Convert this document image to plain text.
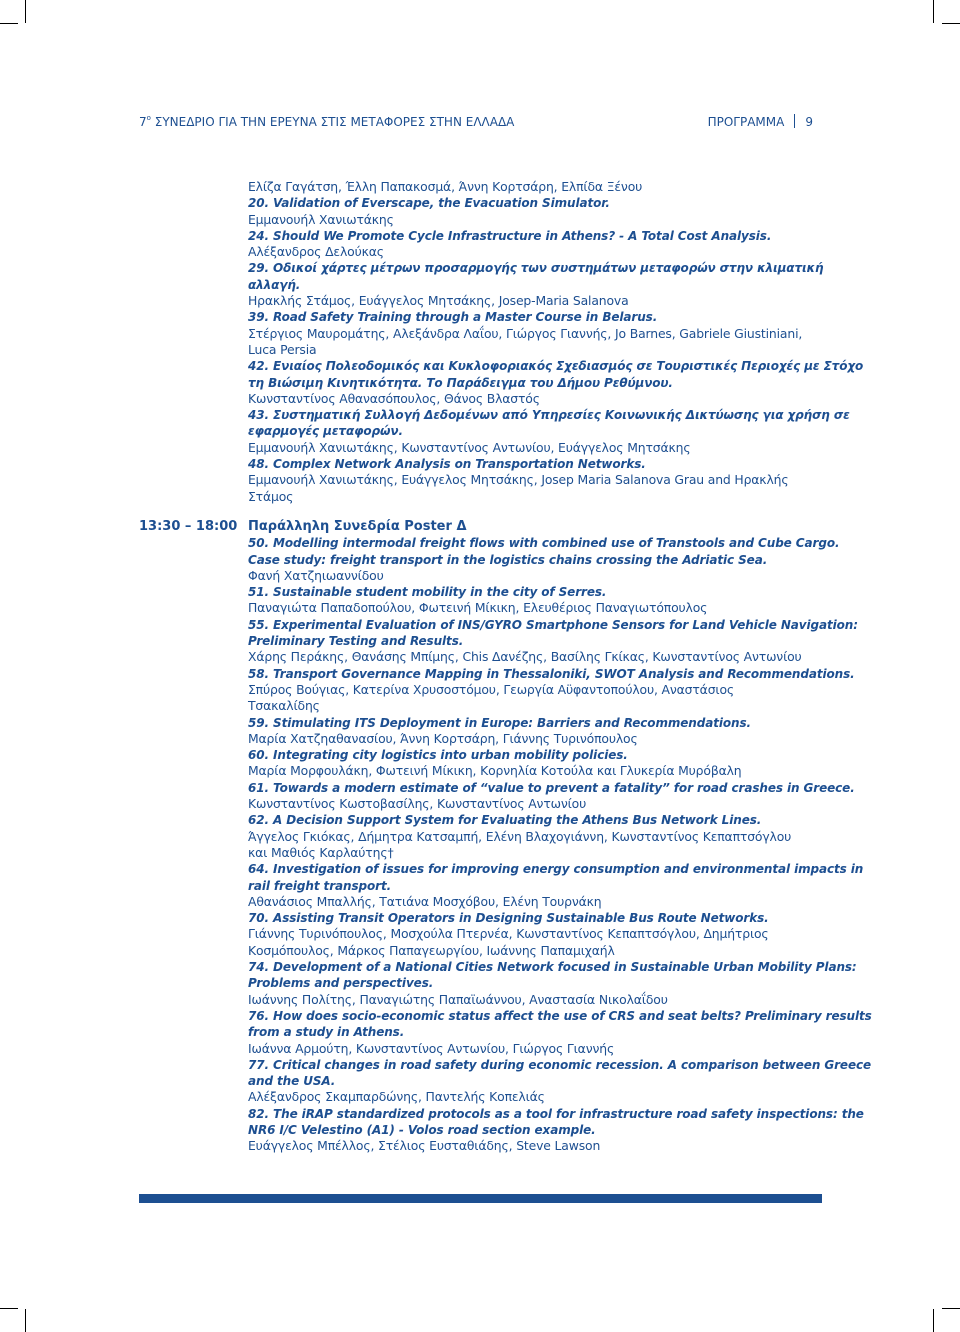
$7^o$ ΣΥΝΕΔΡΙΟ ΓΙΑ ΤΗΝ ΕΡΕΥΝΑ ΣΤΙΣ ΜΕΤΑΦΟΡΕΣ ΣΤΗΝ ΕΛΛΑΔΑ	ΠΡΟΓΡΑΜΜΑ 9
Ελίζα Γαγάτση, Έλλη Παπακοσμά, Άννη Κορτσάρη, Ελπίδα Ξένου
20. Validation of Everscape, the Evacuation Simulator.
Εμμανουήλ Χανιωτάκης
24. Should We Promote Cycle Infrastructure in Athens? - A Total Cost Analysis.
Αλέξανδρος Δελούκας
29. Οδικοί χάρτες μέτρων προσαρμογής των συστημάτων μεταφορών στην κλιματική
αλλαγή.
Ηρακλής Στάμος, Ευάγγελος Μητσάκης, Josep-Maria Salanova
39. Road Safety Training through a Master Course in Belarus.
Στέργιος Μαυρομάτης, Αλεξάνδρα Λαΐου, Γιώργος Γιαννής, Jo Barnes, Gabriele Giustiniani,
Luca Persia
42. Ενιαίος Πολεοδομικός και Κυκλοφοριακός Σχεδιασμός σε Τουριστικές Περιοχές με Στόχο
τη Βιώσιμη Κινητικότητα. Το Παράδειγμα του Δήμου Ρεθύμνου.
Κωνσταντίνος Αθανασόπουλος, Θάνος Βλαστός
43. Συστηματική Συλλογή Δεδομένων από Υπηρεσίες Κοινωνικής Δικτύωσης για χρήση σε
εφαρμογές μεταφορών.
Εμμανουήλ Χανιωτάκης, Κωνσταντίνος Αντωνίου, Ευάγγελος Μητσάκης
48. Complex Network Analysis on Transportation Networks.
Εμμανουήλ Χανιωτάκης, Ευάγγελος Μητσάκης, Josep Maria Salanova Grau and Ηρακλής
Στάμος
13:30 – 18:00 Παράλληλη Συνεδρία Poster Δ
50. Modelling intermodal freight flows with combined use of Transtools and Cube Cargo.
Case study: freight transport in the logistics chains crossing the Adriatic Sea.
Φανή Χατζηιωαννίδου
51. Sustainable student mobility in the city of Serres.
Παναγιώτα Παπαδοπούλου, Φωτεινή Μίκικη, Ελευθέριος Παναγιωτόπουλος
55. Experimental Evaluation of INS/GYRO Smartphone Sensors for Land Vehicle Navigation:
Preliminary Testing and Results.
Χάρης Περάκης, Θανάσης Μπίμης, Chis Δανέζης, Βασίλης Γκίκας, Κωνσταντίνος Αντωνίου
58. Transport Governance Mapping in Thessaloniki, SWOT Analysis and Recommendations.
Σπύρος Βούγιας, Κατερίνα Χρυσοστόμου, Γεωργία Αϋφαντοπούλου, Αναστάσιος
Τσακαλίδης
59. Stimulating ITS Deployment in Europe: Barriers and Recommendations.
Μαρία Χατζηαθανασίου, Άννη Κορτσάρη, Γιάννης Τυρινόπουλος
60. Integrating city logistics into urban mobility policies.
Μαρία Μορφουλάκη, Φωτεινή Μίκικη, Κορνηλία Κοτούλα και Γλυκερία Μυρόβαλη
61. Towards a modern estimate of “value to prevent a fatality” for road crashes in Greece.
Κωνσταντίνος Κωστοβασίλης, Κωνσταντίνος Αντωνίου
62. A Decision Support System for Evaluating the Athens Bus Network Lines.
Άγγελος Γκιόκας, Δήμητρα Κατσαμπή, Ελένη Βλαχογιάννη, Κωνσταντίνος Κεπαπτσόγλου
και Μαθιός Καρλαύτης†
64. Investigation of issues for improving energy consumption and environmental impacts in
rail freight transport.
Αθανάσιος Μπαλλής, Τατιάνα Μοσχόβου, Ελένη Τουρνάκη
70. Assisting Transit Operators in Designing Sustainable Bus Route Networks.
Γιάννης Τυρινόπουλος, Μοσχούλα Πτερνέα, Κωνσταντίνος Κεπαπτσόγλου, Δημήτριος
Κοσμόπουλος, Μάρκος Παπαγεωργίου, Ιωάννης Παπαμιχαήλ
74. Development of a National Cities Network focused in Sustainable Urban Mobility Plans:
Problems and perspectives.
Ιωάννης Πολίτης, Παναγιώτης Παπαϊωάννου, Αναστασία Νικολαΐδου
76. How does socio-economic status affect the use of CRS and seat belts? Preliminary results
from a study in Athens.
Ιωάννα Αρμούτη, Κωνσταντίνος Αντωνίου, Γιώργος Γιαννής
77. Critical changes in road safety during economic recession. A comparison between Greece
and the USA.
Αλέξανδρος Σκαμπαρδώνης, Παντελής Κοπελιάς
82. The iRAP standardized protocols as a tool for infrastructure road safety inspections: the
NR6 I/C Velestino (A1) - Volos road section example.
Ευάγγελος Μπέλλος, Στέλιος Ευσταθιάδης, Steve Lawson
